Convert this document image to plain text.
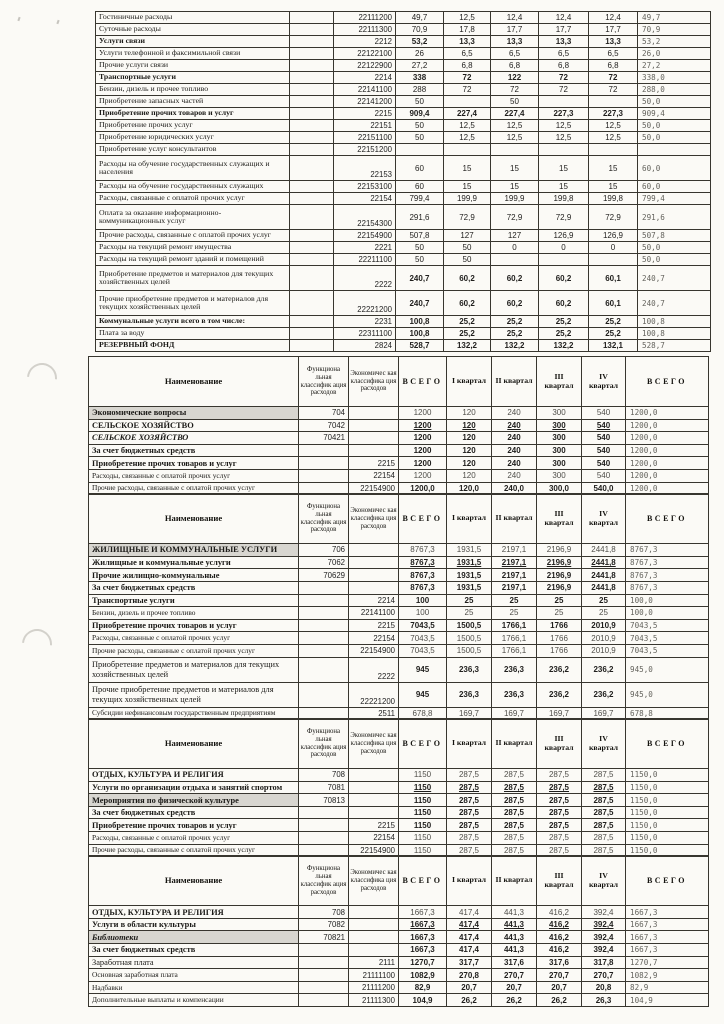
Гостиничные расходы		22111200	49,7	12,5	12,4	12,4	12,4	49,7
Суточные расходы		22111300	70,9	17,8	17,7	17,7	17,7	70,9
Услуги связи		2212	53,2	13,3	13,3	13,3	13,3	53,2
Услуги телефонной и факсимильной связи		22122100	26	6,5	6,5	6,5	6,5	26,0
Прочие услуги связи		22122900	27,2	6,8	6,8	6,8	6,8	27,2
Транспортные услуги		2214	338	72	122	72	72	338,0
Бензин, дизель и прочее топливо		22141100	288	72	72	72	72	288,0
Приобретение запасных частей		22141200	50		50			50,0
Приобретение прочих товаров и услуг		2215	909,4	227,4	227,4	227,3	227,3	909,4
Приобретение прочих услуг		22151	50	12,5	12,5	12,5	12,5	50,0
Приобретение юридических услуг		22151100	50	12,5	12,5	12,5	12,5	50,0
Приобретение услуг консультантов		22151200						
Расходы на обучение государственных служащих и населения		22153	60	15	15	15	15	60,0
Расходы на обучение государственных служащих		22153100	60	15	15	15	15	60,0
Расходы, связанные с оплатой прочих услуг		22154	799,4	199,9	199,9	199,8	199,8	799,4
Оплата за оказание информационно-коммуникационных услуг		22154300	291,6	72,9	72,9	72,9	72,9	291,6
Прочие расходы, связанные с оплатой прочих услуг		22154900	507,8	127	127	126,9	126,9	507,8
Расходы на текущий ремонт имущества		2221	50	50	0	0	0	50,0
Расходы на текущий ремонт зданий и помещений		22211100	50	50				50,0
Приобретение предметов и материалов для текущих хозяйственных целей		2222	240,7	60,2	60,2	60,2	60,1	240,7
Прочие приобретение предметов и материалов для текущих хозяйственных целей		22221200	240,7	60,2	60,2	60,2	60,1	240,7
Коммунальные услуги всего в том числе:		2231	100,8	25,2	25,2	25,2	25,2	100,8
Плата за воду		22311100	100,8	25,2	25,2	25,2	25,2	100,8
РЕЗЕРВНЫЙ ФОНД		2824	528,7	132,2	132,2	132,2	132,1	528,7
Наименование	Функциона льная классифик ация расходов	Экономичес кая классифика ция расходов	ВСЕГО	I квартал	II квартал	III квартал	IV квартал	ВСЕГО
Экономические вопросы	704		1200	120	240	300	540	1200,0
СЕЛЬСКОЕ ХОЗЯЙСТВО	7042		1200	120	240	300	540	1200,0
СЕЛЬСКОЕ ХОЗЯЙСТВО	70421		1200	120	240	300	540	1200,0
За счет бюджетных средств			1200	120	240	300	540	1200,0
Приобретение прочих товаров и услуг		2215	1200	120	240	300	540	1200,0
Расходы, связанные с оплатой прочих услуг		22154	1200	120	240	300	540	1200,0
Прочие расходы, связанные с оплатой прочих услуг		22154900	1200,0	120,0	240,0	300,0	540,0	1200,0
Наименование	Функциона льная классифик ация расходов	Экономичес кая классифика ция расходов	ВСЕГО	I квартал	II квартал	III квартал	IV квартал	ВСЕГО
ЖИЛИЩНЫЕ И КОММУНАЛЬНЫЕ УСЛУГИ	706		8767,3	1931,5	2197,1	2196,9	2441,8	8767,3
Жилищные и коммунальные услуги	7062		8767,3	1931,5	2197,1	2196,9	2441,8	8767,3
Прочие жилищно-коммунальные	70629		8767,3	1931,5	2197,1	2196,9	2441,8	8767,3
За счет бюджетных средств			8767,3	1931,5	2197,1	2196,9	2441,8	8767,3
Транспортные услуги		2214	100	25	25	25	25	100,0
Бензин, дизель и прочее топливо		22141100	100	25	25	25	25	100,0
Приобретение прочих товаров и услуг		2215	7043,5	1500,5	1766,1	1766	2010,9	7043,5
Расходы, связанные с оплатой прочих услуг		22154	7043,5	1500,5	1766,1	1766	2010,9	7043,5
Прочие расходы, связанные с оплатой прочих услуг		22154900	7043,5	1500,5	1766,1	1766	2010,9	7043,5
Приобретение предметов и материалов для текущих хозяйственных целей		2222	945	236,3	236,3	236,2	236,2	945,0
Прочие приобретение предметов и материалов для текущих хозяйственных целей		22221200	945	236,3	236,3	236,2	236,2	945,0
Субсидии нефинансовым государственным предприятиям		2511	678,8	169,7	169,7	169,7	169,7	678,8
Наименование	Функциона льная классифик ация расходов	Экономичес кая классифика ция расходов	ВСЕГО	I квартал	II квартал	III квартал	IV квартал	ВСЕГО
ОТДЫХ, КУЛЬТУРА И РЕЛИГИЯ	708		1150	287,5	287,5	287,5	287,5	1150,0
Услуги по организации отдыха и занятий спортом	7081		1150	287,5	287,5	287,5	287,5	1150,0
Мероприятия по физической культуре	70813		1150	287,5	287,5	287,5	287,5	1150,0
За счет бюджетных средств			1150	287,5	287,5	287,5	287,5	1150,0
Приобретение прочих товаров и услуг		2215	1150	287,5	287,5	287,5	287,5	1150,0
Расходы, связанные с оплатой прочих услуг		22154	1150	287,5	287,5	287,5	287,5	1150,0
Прочие расходы, связанные с оплатой прочих услуг		22154900	1150	287,5	287,5	287,5	287,5	1150,0
Наименование	Функциона льная классифик ация расходов	Экономичес кая классифика ция расходов	ВСЕГО	I квартал	II квартал	III квартал	IV квартал	ВСЕГО
ОТДЫХ, КУЛЬТУРА И РЕЛИГИЯ	708		1667,3	417,4	441,3	416,2	392,4	1667,3
Услуги в области культуры	7082		1667,3	417,4	441,3	416,2	392,4	1667,3
Библиотеки	70821		1667,3	417,4	441,3	416,2	392,4	1667,3
За счет бюджетных средств			1667,3	417,4	441,3	416,2	392,4	1667,3
Заработная плата		2111	1270,7	317,7	317,6	317,6	317,8	1270,7
Основная заработная плата		21111100	1082,9	270,8	270,7	270,7	270,7	1082,9
Надбавки		21111200	82,9	20,7	20,7	20,7	20,8	82,9
Дополнительные выплаты и компенсации		21111300	104,9	26,2	26,2	26,2	26,3	104,9
